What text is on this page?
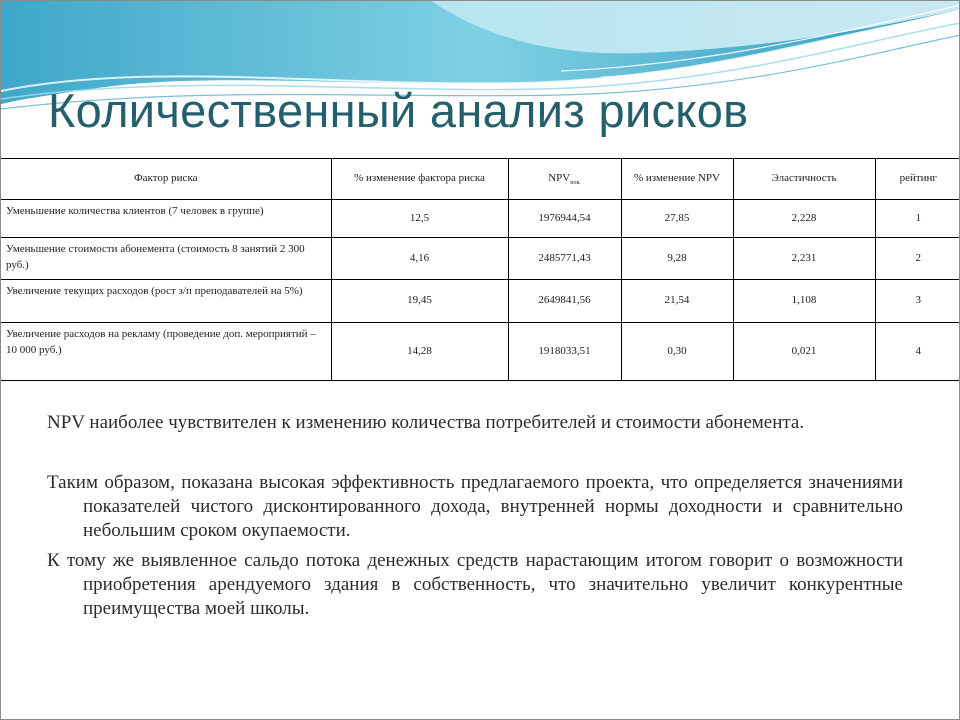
Количественный анализ рисков
Фактор риска	% изменение фактора риска	$NPV_{нов.}$	% изменение NPV	Эластичность	рейтинг
Уменьшение количества клиентов (7 человек в группе)	12,5	1976944,54	27,85	2,228	1
Уменьшение стоимости абонемента (стоимость 8 занятий 2 300 руб.)	4,16	2485771,43	9,28	2,231	2
Увеличение текущих расходов (рост з/п преподавателей на 5%)	19,45	2649841,56	21,54	1,108	3
Увеличение расходов на рекламу (проведение доп. мероприятий –
10 000 руб.)	14,28	1918033,51	0,30	0,021	4

NPV наиболее чувствителен к изменению количества потребителей и стоимости абонемента.

Таким образом, показана высокая эффективность предлагаемого проекта, что определяется значениями показателей чистого дисконтированного дохода, внутренней нормы доходности и сравнительно небольшим сроком окупаемости.

К тому же выявленное сальдо потока денежных средств нарастающим итогом говорит о возможности приобретения арендуемого здания в собственность, что значительно увеличит конкурентные преимущества моей школы.
